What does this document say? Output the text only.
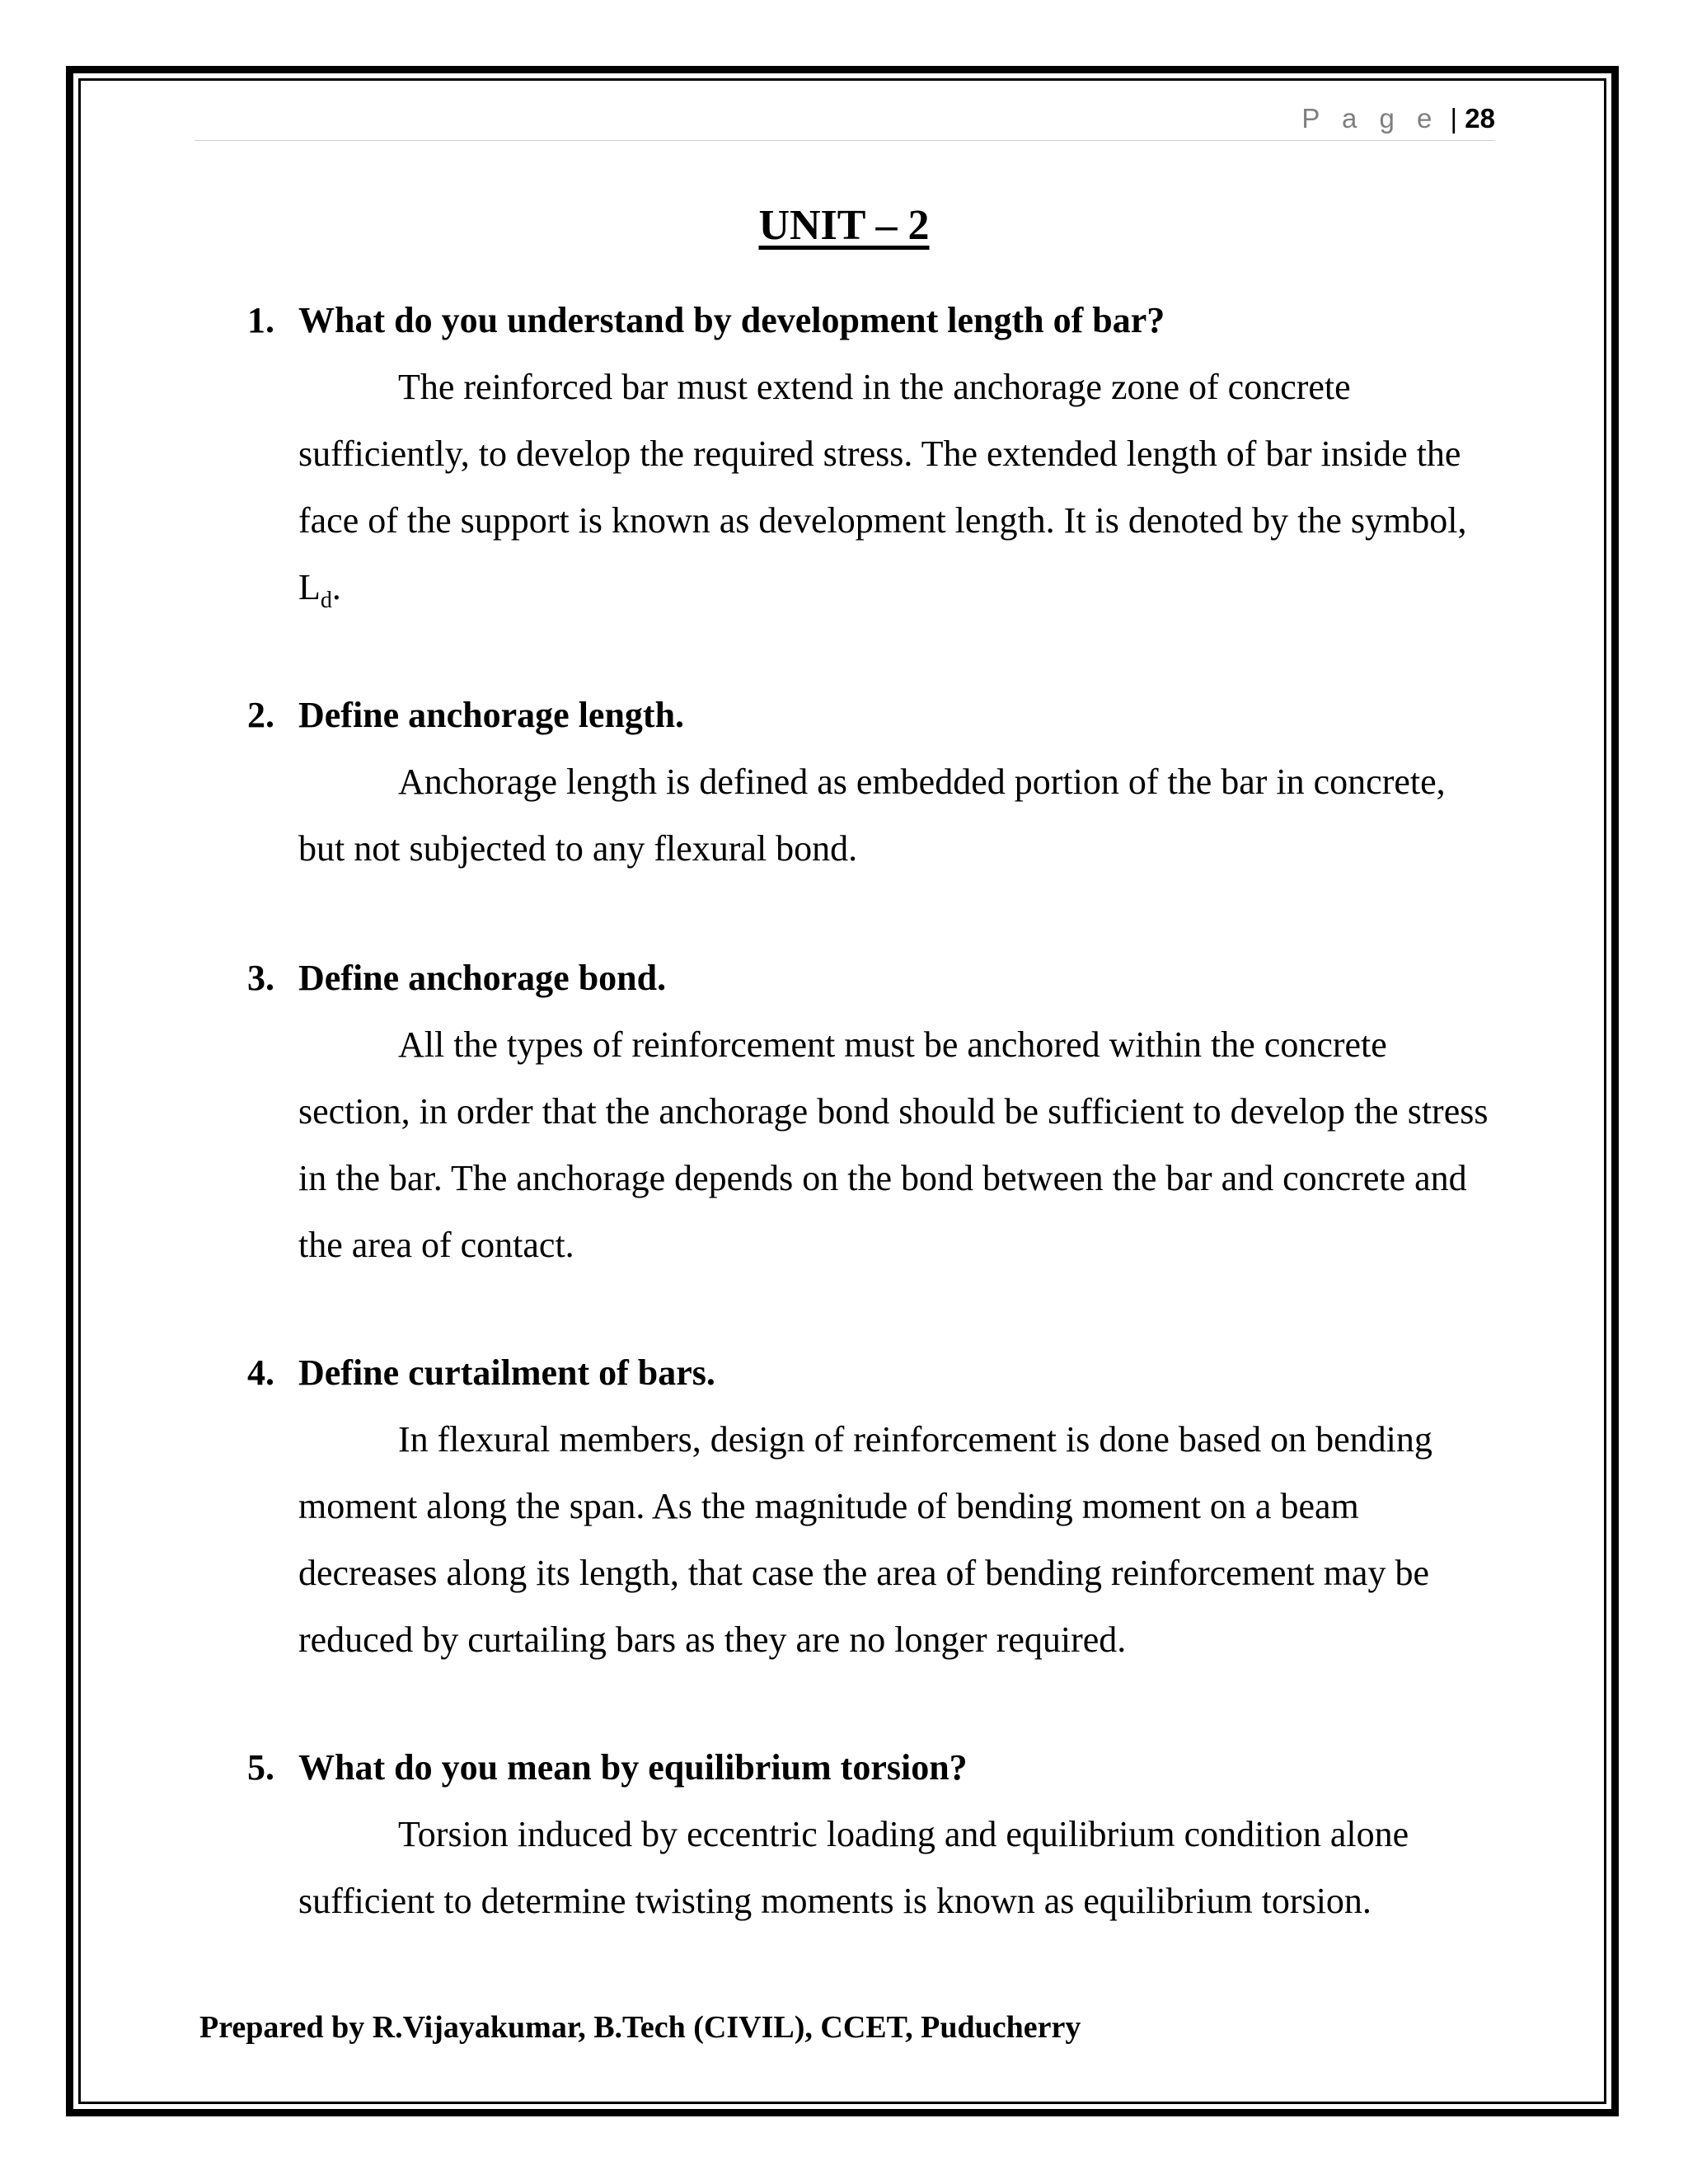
P a g e | 28
UNIT – 2
1. What do you understand by development length of bar?
The reinforced bar must extend in the anchorage zone of concrete sufficiently, to develop the required stress. The extended length of bar inside the face of the support is known as development length. It is denoted by the symbol, $L_d$.
2. Define anchorage length.
Anchorage length is defined as embedded portion of the bar in concrete, but not subjected to any flexural bond.
3. Define anchorage bond.
All the types of reinforcement must be anchored within the concrete section, in order that the anchorage bond should be sufficient to develop the stress in the bar. The anchorage depends on the bond between the bar and concrete and the area of contact.
4. Define curtailment of bars.
In flexural members, design of reinforcement is done based on bending moment along the span. As the magnitude of bending moment on a beam decreases along its length, that case the area of bending reinforcement may be reduced by curtailing bars as they are no longer required.
5. What do you mean by equilibrium torsion?
Torsion induced by eccentric loading and equilibrium condition alone sufficient to determine twisting moments is known as equilibrium torsion.
Prepared by R.Vijayakumar, B.Tech (CIVIL), CCET, Puducherry
